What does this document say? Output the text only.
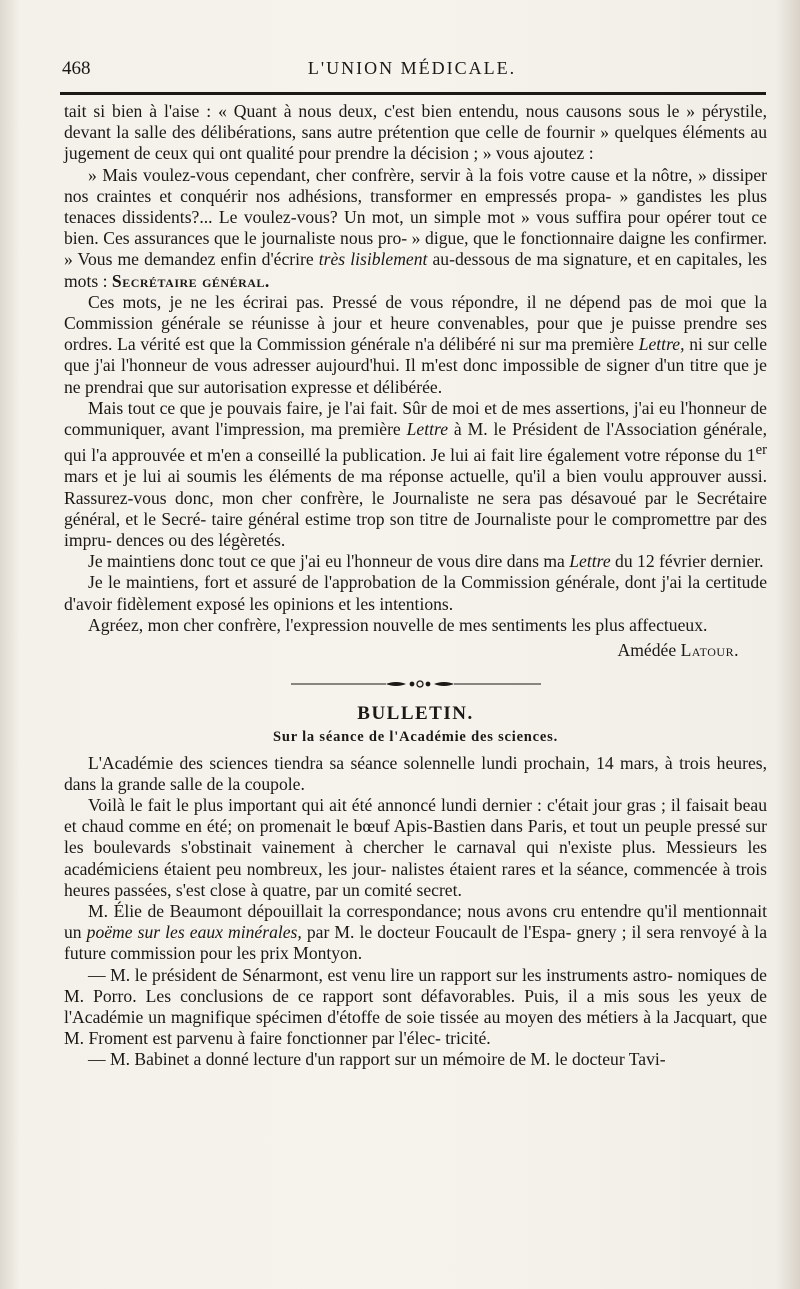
468	L'UNION MÉDICALE.

tait si bien à l'aise : « Quant à nous deux, c'est bien entendu, nous causons sous le » pérystile, devant la salle des délibérations, sans autre prétention que celle de fournir » quelques éléments au jugement de ceux qui ont qualité pour prendre la décision ; » vous ajoutez :

» Mais voulez-vous cependant, cher confrère, servir à la fois votre cause et la nôtre, » dissiper nos craintes et conquérir nos adhésions, transformer en empressés propa- » gandistes les plus tenaces dissidents?... Le voulez-vous? Un mot, un simple mot » vous suffira pour opérer tout ce bien. Ces assurances que le journaliste nous pro- » digue, que le fonctionnaire daigne les confirmer. » Vous me demandez enfin d'écrire très lisiblement au-dessous de ma signature, et en capitales, les mots : Secrétaire général.

Ces mots, je ne les écrirai pas. Pressé de vous répondre, il ne dépend pas de moi que la Commission générale se réunisse à jour et heure convenables, pour que je puisse prendre ses ordres. La vérité est que la Commission générale n'a délibéré ni sur ma première Lettre, ni sur celle que j'ai l'honneur de vous adresser aujourd'hui. Il m'est donc impossible de signer d'un titre que je ne prendrai que sur autorisation expresse et délibérée.

Mais tout ce que je pouvais faire, je l'ai fait. Sûr de moi et de mes assertions, j'ai eu l'honneur de communiquer, avant l'impression, ma première Lettre à M. le Président de l'Association générale, qui l'a approuvée et m'en a conseillé la publication. Je lui ai fait lire également votre réponse du 1er mars et je lui ai soumis les éléments de ma réponse actuelle, qu'il a bien voulu approuver aussi. Rassurez-vous donc, mon cher confrère, le Journaliste ne sera pas désavoué par le Secrétaire général, et le Secré- taire général estime trop son titre de Journaliste pour le compromettre par des impru- dences ou des légèretés.

Je maintiens donc tout ce que j'ai eu l'honneur de vous dire dans ma Lettre du 12 février dernier.

Je le maintiens, fort et assuré de l'approbation de la Commission générale, dont j'ai la certitude d'avoir fidèlement exposé les opinions et les intentions.

Agréez, mon cher confrère, l'expression nouvelle de mes sentiments les plus affectueux.

Amédée Latour.

BULLETIN.

Sur la séance de l'Académie des sciences.

L'Académie des sciences tiendra sa séance solennelle lundi prochain, 14 mars, à trois heures, dans la grande salle de la coupole.

Voilà le fait le plus important qui ait été annoncé lundi dernier : c'était jour gras ; il faisait beau et chaud comme en été; on promenait le bœuf Apis-Bastien dans Paris, et tout un peuple pressé sur les boulevards s'obstinait vainement à chercher le carnaval qui n'existe plus. Messieurs les académiciens étaient peu nombreux, les jour- nalistes étaient rares et la séance, commencée à trois heures passées, s'est close à quatre, par un comité secret.

M. Élie de Beaumont dépouillait la correspondance; nous avons cru entendre qu'il mentionnait un poëme sur les eaux minérales, par M. le docteur Foucault de l'Espa- gnery ; il sera renvoyé à la future commission pour les prix Montyon.

— M. le président de Sénarmont, est venu lire un rapport sur les instruments astro- nomiques de M. Porro. Les conclusions de ce rapport sont défavorables. Puis, il a mis sous les yeux de l'Académie un magnifique spécimen d'étoffe de soie tissée au moyen des métiers à la Jacquart, que M. Froment est parvenu à faire fonctionner par l'élec- tricité.

— M. Babinet a donné lecture d'un rapport sur un mémoire de M. le docteur Tavi-
